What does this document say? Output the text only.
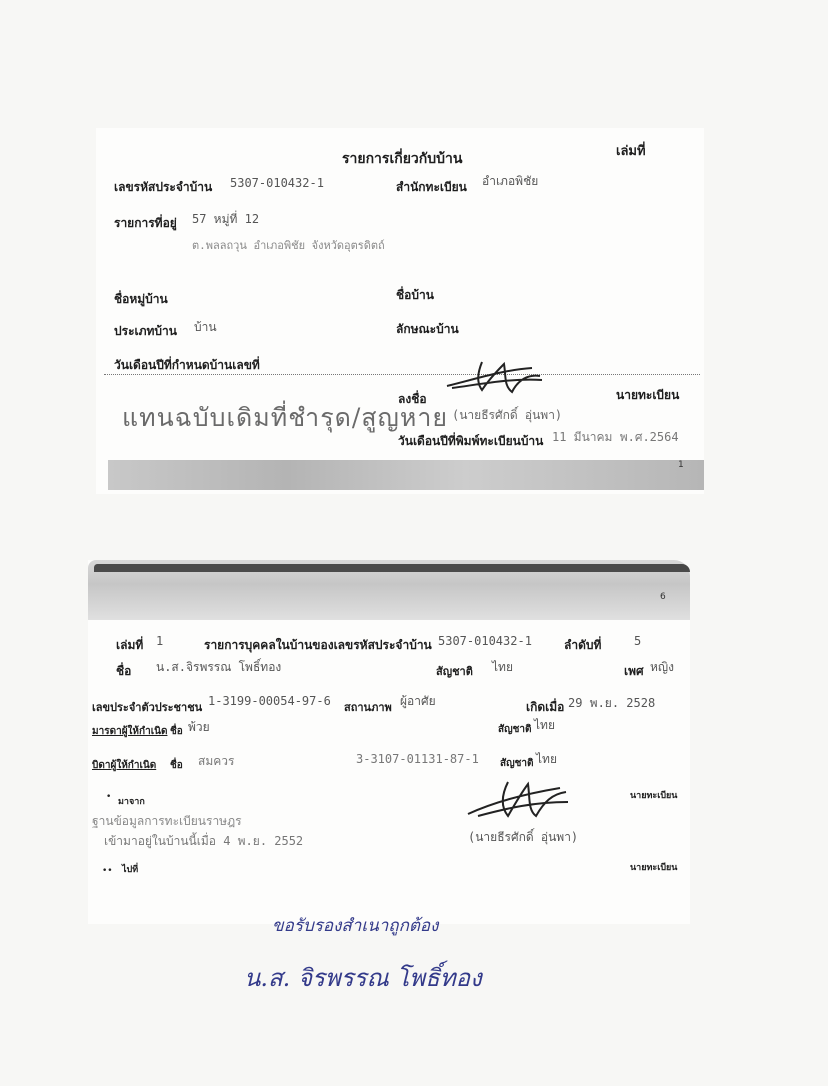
รายการเกี่ยวกับบ้าน	เล่มที่
เลขรหัสประจำบ้าน 5307-010432-1	สำนักทะเบียน อำเภอพิชัย
รายการที่อยู่ 57 หมู่ที่ 12
ต.พลลถวุน อำเภอพิชัย จังหวัดอุตรดิตถ์
ชื่อหมู่บ้าน	ชื่อบ้าน
ประเภทบ้าน บ้าน	ลักษณะบ้าน
วันเดือนปีที่กำหนดบ้านเลขที่
ลงชื่อ	นายทะเบียน
(นายธีรศักดิ์ อุ่นพา)
แทนฉบับเดิมที่ชำรุด/สูญหาย
วันเดือนปีที่พิมพ์ทะเบียนบ้าน 11 มีนาคม พ.ศ.2564
1
6
เล่มที่ 1	รายการบุคคลในบ้านของเลขรหัสประจำบ้าน 5307-010432-1	ลำดับที่	5
ชื่อ น.ส.จิรพรรณ โพธิ์ทอง	สัญชาติ ไทย	เพศ หญิง
เลขประจำตัวประชาชน 1-3199-00054-97-6 สถานภาพ ผู้อาศัย	เกิดเมื่อ 29 พ.ย. 2528
มารดาผู้ให้กำเนิด ชื่อ พ้วย	สัญชาติ ไทย
บิดาผู้ให้กำเนิด ชื่อ สมควร	3-3107-01131-87-1 สัญชาติ ไทย
• มาจาก
นายทะเบียน
ฐานข้อมูลการทะเบียนราษฎร
เข้ามาอยู่ในบ้านนี้เมื่อ 4 พ.ย. 2552	(นายธีรศักดิ์ อุ่นพา)
•• ไปที่	นายทะเบียน
ขอรับรองสำเนาถูกต้อง
น.ส. จิรพรรณ โพธิ์ทอง
